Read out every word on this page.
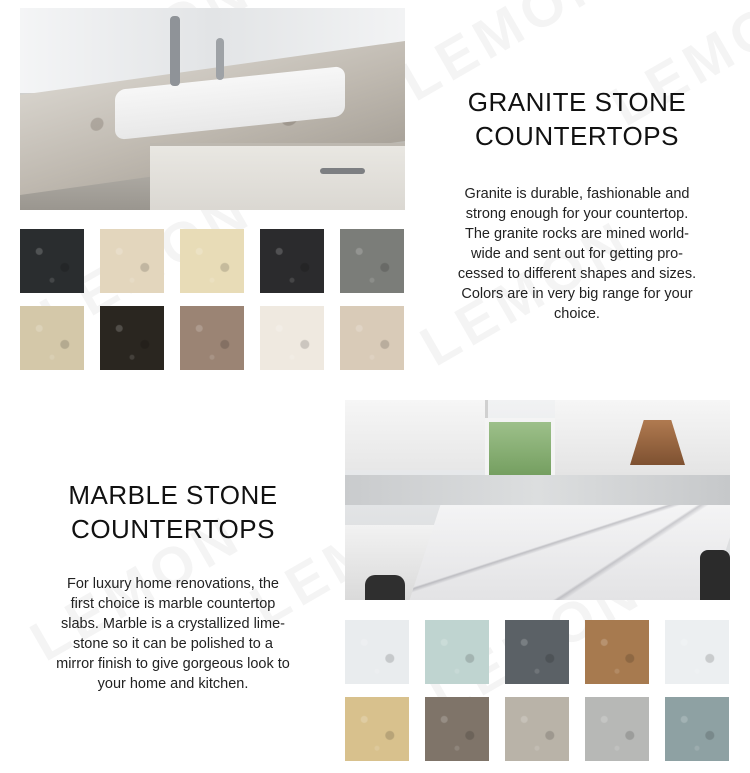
GRANITE STONE
COUNTERTOPS
Granite is durable, fashionable and
strong enough for your countertop.
The granite rocks are mined world-
wide and sent out for getting pro-
cessed to different shapes and sizes.
Colors are in very big range for your
choice.
MARBLE STONE
COUNTERTOPS
For luxury home renovations, the
first choice is marble countertop
slabs. Marble is a crystallized lime-
stone so it can be polished to a
mirror finish to give gorgeous look to
your home and kitchen.
